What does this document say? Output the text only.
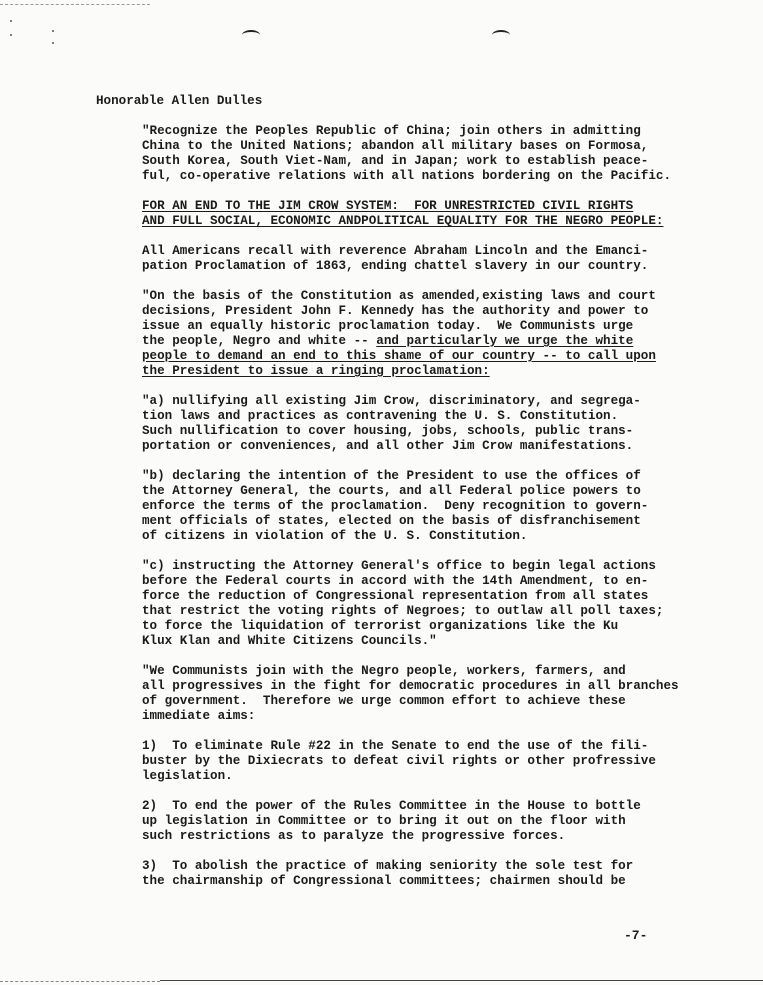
Honorable Allen Dulles

"Recognize the Peoples Republic of China; join others in admitting
China to the United Nations; abandon all military bases on Formosa,
South Korea, South Viet-Nam, and in Japan; work to establish peace-
ful, co-operative relations with all nations bordering on the Pacific.

FOR AN END TO THE JIM CROW SYSTEM:  FOR UNRESTRICTED CIVIL RIGHTS
AND FULL SOCIAL, ECONOMIC ANDPOLITICAL EQUALITY FOR THE NEGRO PEOPLE:

All Americans recall with reverence Abraham Lincoln and the Emanci-
pation Proclamation of 1863, ending chattel slavery in our country.

"On the basis of the Constitution as amended,existing laws and court
decisions, President John F. Kennedy has the authority and power to
issue an equally historic proclamation today.  We Communists urge
the people, Negro and white -- and particularly we urge the white
people to demand an end to this shame of our country -- to call upon
the President to issue a ringing proclamation:

"a) nullifying all existing Jim Crow, discriminatory, and segrega-
tion laws and practices as contravening the U. S. Constitution.
Such nullification to cover housing, jobs, schools, public trans-
portation or conveniences, and all other Jim Crow manifestations.

"b) declaring the intention of the President to use the offices of
the Attorney General, the courts, and all Federal police powers to
enforce the terms of the proclamation.  Deny recognition to govern-
ment officials of states, elected on the basis of disfranchisement
of citizens in violation of the U. S. Constitution.

"c) instructing the Attorney General's office to begin legal actions
before the Federal courts in accord with the 14th Amendment, to en-
force the reduction of Congressional representation from all states
that restrict the voting rights of Negroes; to outlaw all poll taxes;
to force the liquidation of terrorist organizations like the Ku
Klux Klan and White Citizens Councils."

"We Communists join with the Negro people, workers, farmers, and
all progressives in the fight for democratic procedures in all branches
of government.  Therefore we urge common effort to achieve these
immediate aims:

1)  To eliminate Rule #22 in the Senate to end the use of the fili-
buster by the Dixiecrats to defeat civil rights or other profressive
legislation.

2)  To end the power of the Rules Committee in the House to bottle
up legislation in Committee or to bring it out on the floor with
such restrictions as to paralyze the progressive forces.

3)  To abolish the practice of making seniority the sole test for
the chairmanship of Congressional committees; chairmen should be

-7-
